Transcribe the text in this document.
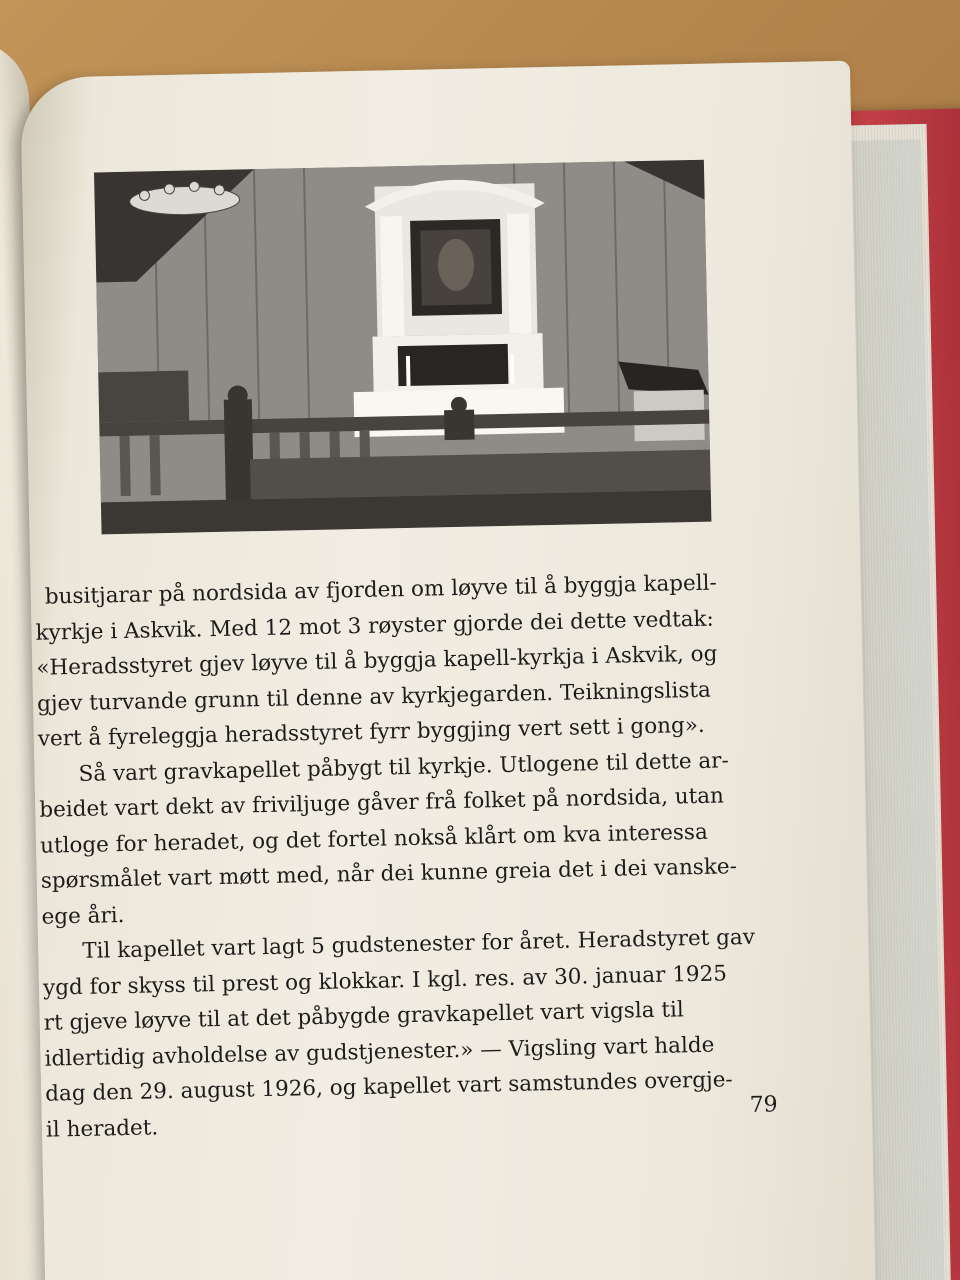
busitjarar på nordsida av fjorden om løyve til å byggja kapell-
kyrkje i Askvik. Med 12 mot 3 røyster gjorde dei dette vedtak:
«Heradsstyret gjev løyve til å byggja kapell-kyrkja i Askvik, og
gjev turvande grunn til denne av kyrkjegarden. Teikningslista
vert å fyreleggja heradsstyret fyrr byggjing vert sett i gong».
Så vart gravkapellet påbygt til kyrkje. Utlogene til dette ar-
beidet vart dekt av friviljuge gåver frå folket på nordsida, utan
utloge for heradet, og det fortel nokså klårt om kva interessa
spørsmålet vart møtt med, når dei kunne greia det i dei vanske-
ege åri.
Til kapellet vart lagt 5 gudstenester for året. Heradstyret gav
ygd for skyss til prest og klokkar. I kgl. res. av 30. januar 1925
rt gjeve løyve til at det påbygde gravkapellet vart vigsla til
idlertidig avholdelse av gudstjenester.» — Vigsling vart halde
dag den 29. august 1926, og kapellet vart samstundes overgje-
il heradet.
79
